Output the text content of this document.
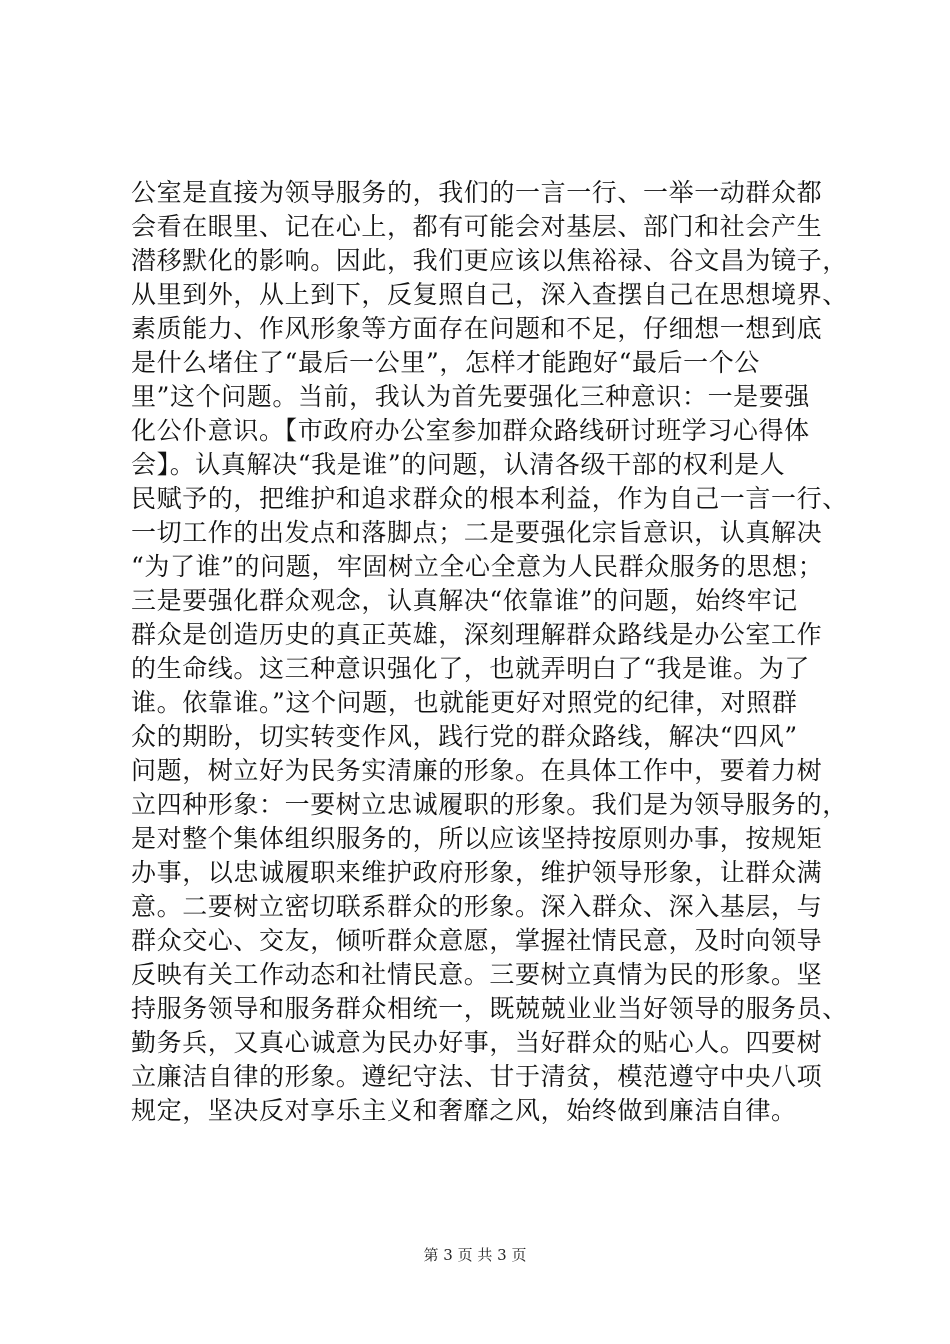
公室是直接为领导服务的，我们的一言一行、一举一动群众都
会看在眼里、记在心上，都有可能会对基层、部门和社会产生
潜移默化的影响。因此，我们更应该以焦裕禄、谷文昌为镜子，
从里到外，从上到下，反复照自己，深入查摆自己在思想境界、
素质能力、作风形象等方面存在问题和不足，仔细想一想到底
是什么堵住了“最后一公里”，怎样才能跑好“最后一个公
里”这个问题。当前，我认为首先要强化三种意识：一是要强
化公仆意识。【市政府办公室参加群众路线研讨班学习心得体
会】。认真解决“我是谁”的问题，认清各级干部的权利是人
民赋予的，把维护和追求群众的根本利益，作为自己一言一行、
一切工作的出发点和落脚点；二是要强化宗旨意识，认真解决
“为了谁”的问题，牢固树立全心全意为人民群众服务的思想；
三是要强化群众观念，认真解决“依靠谁”的问题，始终牢记
群众是创造历史的真正英雄，深刻理解群众路线是办公室工作
的生命线。这三种意识强化了，也就弄明白了“我是谁。为了
谁。依靠谁。”这个问题，也就能更好对照党的纪律，对照群
众的期盼，切实转变作风，践行党的群众路线，解决“四风”
问题，树立好为民务实清廉的形象。在具体工作中，要着力树
立四种形象：一要树立忠诚履职的形象。我们是为领导服务的，
是对整个集体组织服务的，所以应该坚持按原则办事，按规矩
办事，以忠诚履职来维护政府形象，维护领导形象，让群众满
意。二要树立密切联系群众的形象。深入群众、深入基层，与
群众交心、交友，倾听群众意愿，掌握社情民意，及时向领导
反映有关工作动态和社情民意。三要树立真情为民的形象。坚
持服务领导和服务群众相统一，既兢兢业业当好领导的服务员、
勤务兵，又真心诚意为民办好事，当好群众的贴心人。四要树
立廉洁自律的形象。遵纪守法、甘于清贫，模范遵守中央八项
规定，坚决反对享乐主义和奢靡之风，始终做到廉洁自律。
第 3 页 共 3 页
